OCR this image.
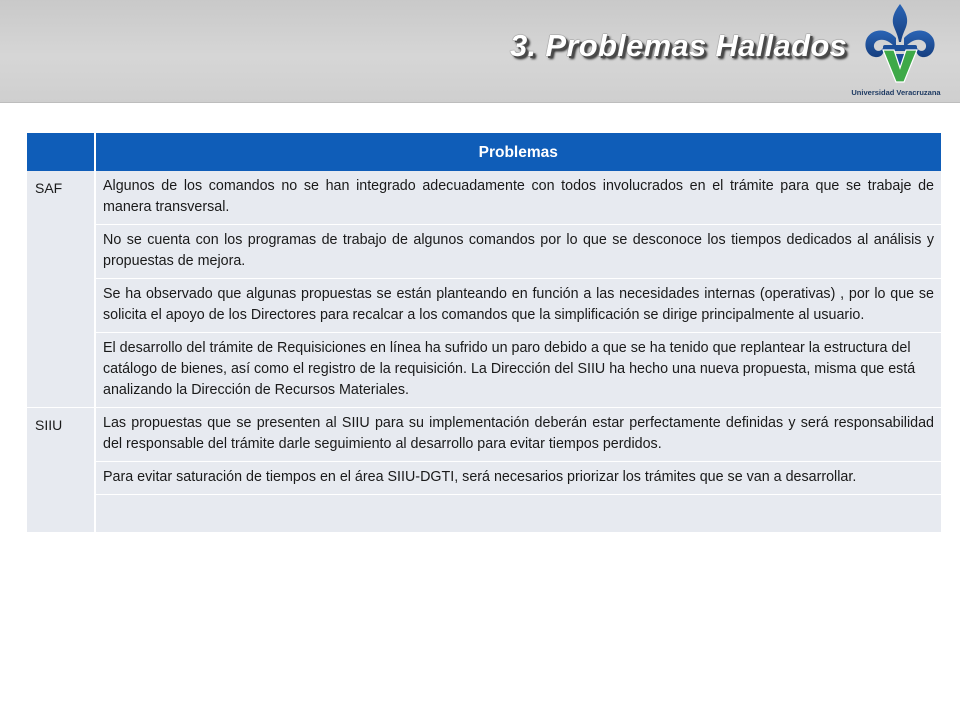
3. Problemas Hallados
Universidad Veracruzana
	Problemas
SAF	Algunos de los comandos no se han integrado adecuadamente con todos involucrados en el trámite para que se trabaje de manera transversal.
	No se cuenta con los programas de trabajo de algunos comandos por lo que se desconoce los tiempos dedicados al análisis y propuestas de mejora.
	Se ha observado que algunas propuestas se están planteando en función a las necesidades internas (operativas) , por lo que se solicita el apoyo de los Directores para recalcar a los comandos que la simplificación se dirige principalmente al usuario.
	El desarrollo del trámite de Requisiciones en línea ha sufrido un paro debido a que se ha tenido que replantear la estructura del catálogo de bienes, así como el registro de la requisición. La Dirección del SIIU ha hecho una nueva propuesta, misma que está analizando la Dirección de Recursos Materiales.
SIIU	Las propuestas que se presenten al SIIU para su implementación deberán estar perfectamente definidas y será responsabilidad del responsable del trámite darle seguimiento al desarrollo para evitar tiempos perdidos.
	Para evitar saturación de tiempos en el área SIIU-DGTI, será necesarios priorizar los trámites que se van a desarrollar.
